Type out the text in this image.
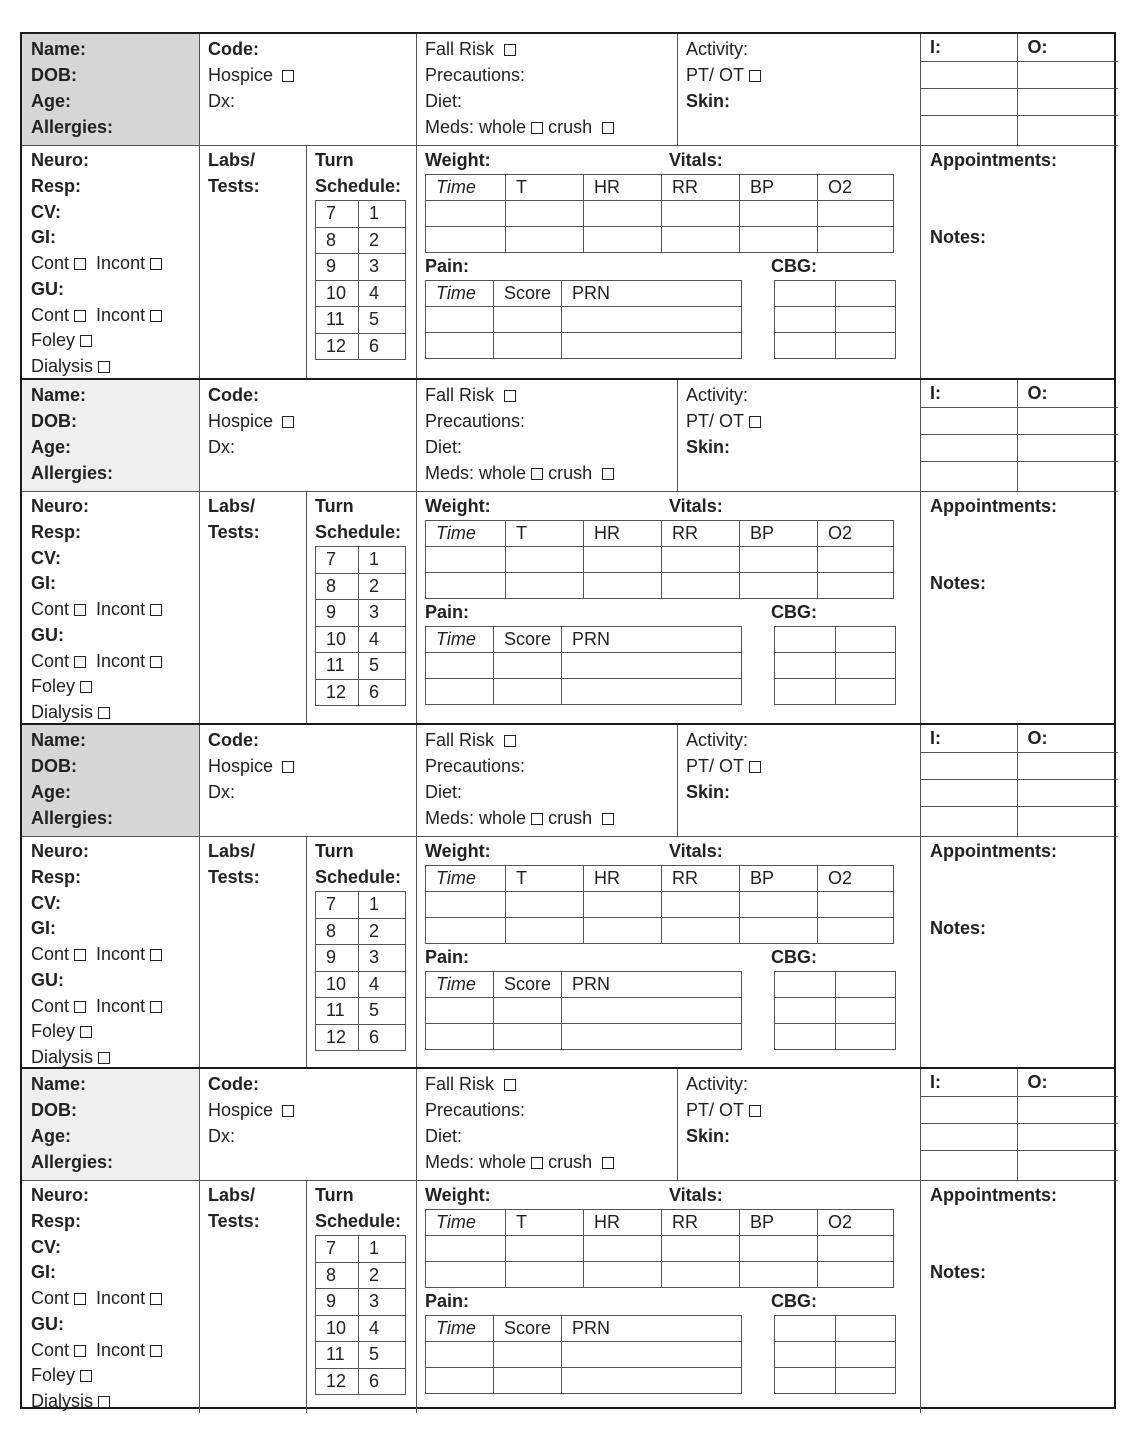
Name:
DOB:
Age:
Allergies:
Code:
Hospice
Dx:
Fall Risk
Precautions:
Diet:
Meds: whole crush
Activity:
PT/ OT
Skin:
I:	O:

Neuro:
Resp:
CV:
GI:
Cont Incont
GU:
Cont Incont
Foley
Dialysis
Labs/
Tests:
Turn
Schedule:
7	1
8	2
9	3
10	4
11	5
12	6
Weight:	Vitals:
Time	T	HR	RR	BP	O2

Pain:	CBG:
Time	Score	PRN

Appointments:
Notes:
Name:
DOB:
Age:
Allergies:
Code:
Hospice
Dx:
Fall Risk
Precautions:
Diet:
Meds: whole crush
Activity:
PT/ OT
Skin:
I:	O:

Neuro:
Resp:
CV:
GI:
Cont Incont
GU:
Cont Incont
Foley
Dialysis
Labs/
Tests:
Turn
Schedule:
7	1
8	2
9	3
10	4
11	5
12	6
Weight:	Vitals:
Time	T	HR	RR	BP	O2

Pain:	CBG:
Time	Score	PRN

Appointments:
Notes:
Name:
DOB:
Age:
Allergies:
Code:
Hospice
Dx:
Fall Risk
Precautions:
Diet:
Meds: whole crush
Activity:
PT/ OT
Skin:
I:	O:

Neuro:
Resp:
CV:
GI:
Cont Incont
GU:
Cont Incont
Foley
Dialysis
Labs/
Tests:
Turn
Schedule:
7	1
8	2
9	3
10	4
11	5
12	6
Weight:	Vitals:
Time	T	HR	RR	BP	O2

Pain:	CBG:
Time	Score	PRN

Appointments:
Notes:
Name:
DOB:
Age:
Allergies:
Code:
Hospice
Dx:
Fall Risk
Precautions:
Diet:
Meds: whole crush
Activity:
PT/ OT
Skin:
I:	O:

Neuro:
Resp:
CV:
GI:
Cont Incont
GU:
Cont Incont
Foley
Dialysis
Labs/
Tests:
Turn
Schedule:
7	1
8	2
9	3
10	4
11	5
12	6
Weight:	Vitals:
Time	T	HR	RR	BP	O2

Pain:	CBG:
Time	Score	PRN

Appointments:
Notes:
